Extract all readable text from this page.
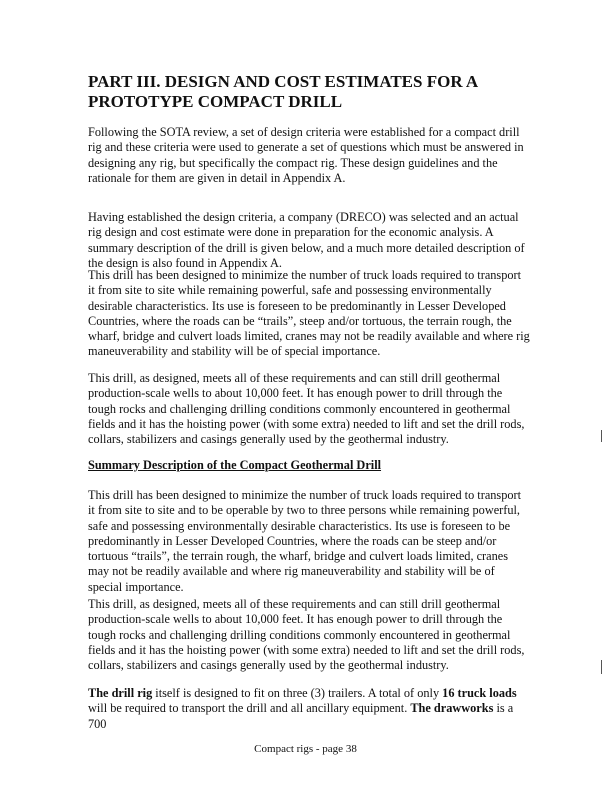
PART III. DESIGN AND COST ESTIMATES FOR A PROTOTYPE COMPACT DRILL

Following the SOTA review, a set of design criteria were established for a compact drill rig and these criteria were used to generate a set of questions which must be answered in designing any rig, but specifically the compact rig. These design guidelines and the rationale for them are given in detail in Appendix A.

Having established the design criteria, a company (DRECO) was selected and an actual rig design and cost estimate were done in preparation for the economic analysis. A summary description of the drill is given below, and a much more detailed description of the design is also found in Appendix A.

This drill has been designed to minimize the number of truck loads required to transport it from site to site while remaining powerful, safe and possessing environmentally desirable characteristics. Its use is foreseen to be predominantly in Lesser Developed Countries, where the roads can be “trails”, steep and/or tortuous, the terrain rough, the wharf, bridge and culvert loads limited, cranes may not be readily available and where rig maneuverability and stability will be of special importance.

This drill, as designed, meets all of these requirements and can still drill geothermal production-scale wells to about 10,000 feet. It has enough power to drill through the tough rocks and challenging drilling conditions commonly encountered in geothermal fields and it has the hoisting power (with some extra) needed to lift and set the drill rods, collars, stabilizers and casings generally used by the geothermal industry.

Summary Description of the Compact Geothermal Drill

This drill has been designed to minimize the number of truck loads required to transport it from site to site and to be operable by two to three persons while remaining powerful, safe and possessing environmentally desirable characteristics. Its use is foreseen to be predominantly in Lesser Developed Countries, where the roads can be steep and/or tortuous “trails”, the terrain rough, the wharf, bridge and culvert loads limited, cranes may not be readily available and where rig maneuverability and stability will be of special importance.

This drill, as designed, meets all of these requirements and can still drill geothermal production-scale wells to about 10,000 feet. It has enough power to drill through the tough rocks and challenging drilling conditions commonly encountered in geothermal fields and it has the hoisting power (with some extra) needed to lift and set the drill rods, collars, stabilizers and casings generally used by the geothermal industry.

The drill rig itself is designed to fit on three (3) trailers. A total of only 16 truck loads will be required to transport the drill and all ancillary equipment. The drawworks is a 700

Compact rigs - page 38
